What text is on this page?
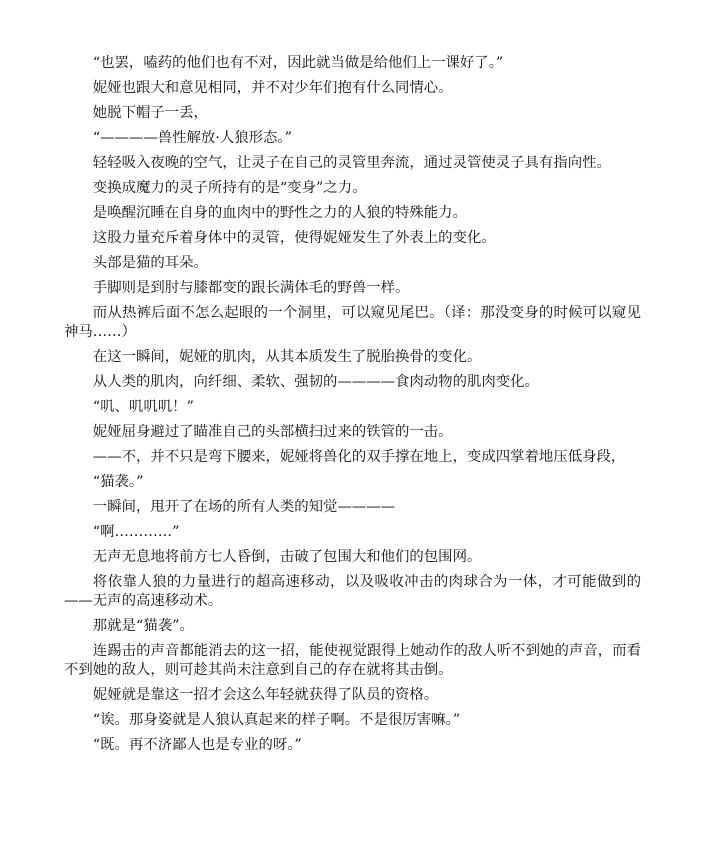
“也罢，嗑药的他们也有不对，因此就当做是给他们上一课好了。”

妮娅也跟大和意见相同，并不对少年们抱有什么同情心。

她脱下帽子一丢，

“————兽性解放·人狼形态。”

轻轻吸入夜晚的空气，让灵子在自己的灵管里奔流，通过灵管使灵子具有指向性。

变换成魔力的灵子所持有的是“变身”之力。

是唤醒沉睡在自身的血肉中的野性之力的人狼的特殊能力。

这股力量充斥着身体中的灵管，使得妮娅发生了外表上的变化。

头部是猫的耳朵。

手脚则是到肘与膝都变的跟长满体毛的野兽一样。

而从热裤后面不怎么起眼的一个洞里，可以窥见尾巴。（译：那没变身的时候可以窥见神马……）

在这一瞬间，妮娅的肌肉，从其本质发生了脱胎换骨的变化。

从人类的肌肉，向纤细、柔软、强韧的————食肉动物的肌肉变化。

“叽、叽叽叽！”

妮娅屈身避过了瞄准自己的头部横扫过来的铁管的一击。

——不，并不只是弯下腰来，妮娅将兽化的双手撑在地上，变成四掌着地压低身段，

“猫袭。”

一瞬间，甩开了在场的所有人类的知觉————

“啊…………”

无声无息地将前方七人昏倒，击破了包围大和他们的包围网。

将依靠人狼的力量进行的超高速移动，以及吸收冲击的肉球合为一体，才可能做到的——无声的高速移动术。

那就是“猫袭”。

连踢击的声音都能消去的这一招，能使视觉跟得上她动作的敌人听不到她的声音，而看不到她的敌人，则可趁其尚未注意到自己的存在就将其击倒。

妮娅就是靠这一招才会这么年轻就获得了队员的资格。

“诶。那身姿就是人狼认真起来的样子啊。不是很厉害嘛。”

“既。再不济鄙人也是专业的呀。”
